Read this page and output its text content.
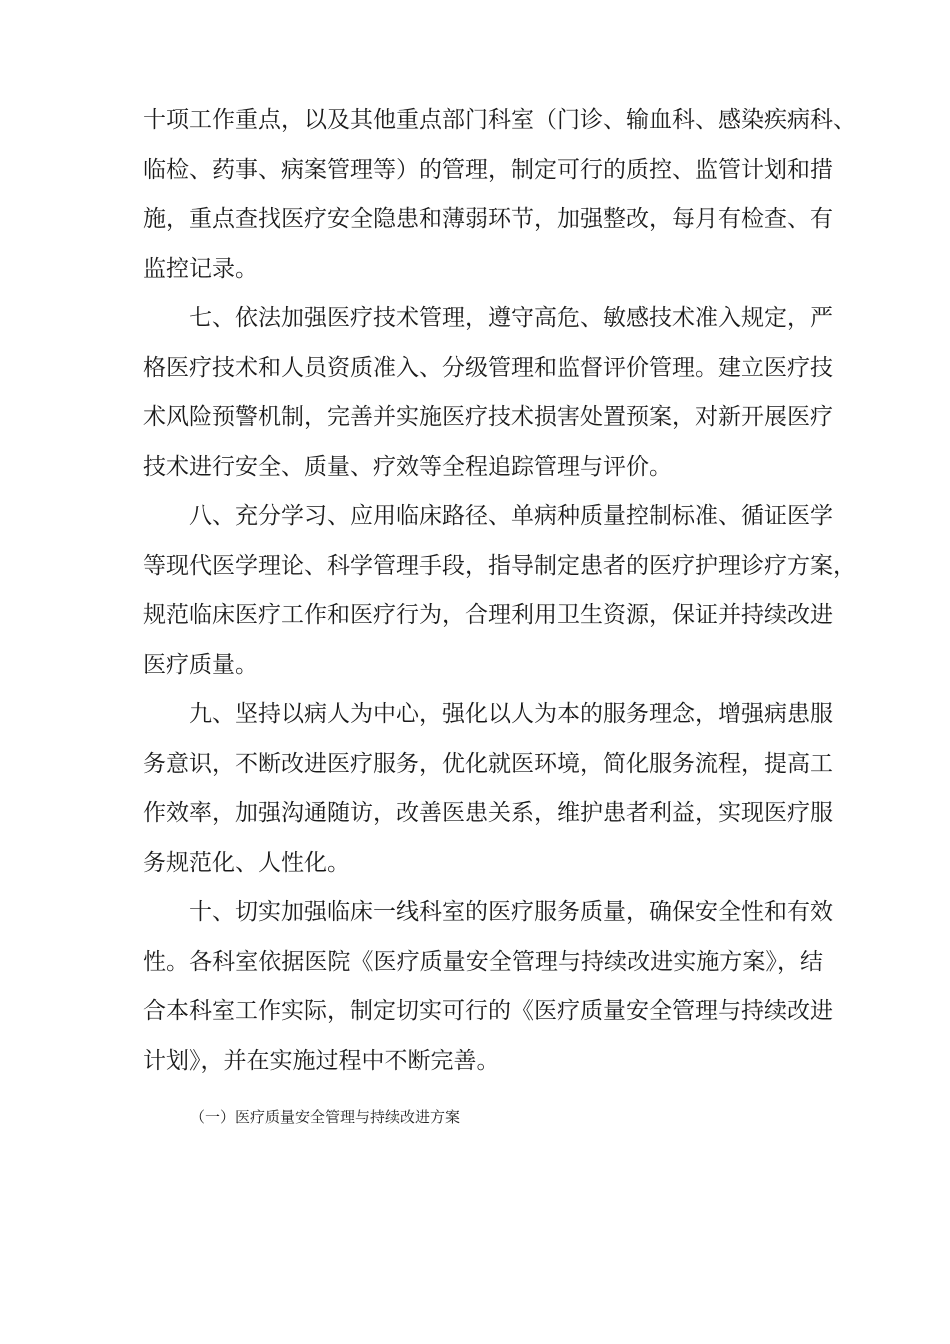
十项工作重点，以及其他重点部门科室（门诊、输血科、感染疾病科、
临检、药事、病案管理等）的管理，制定可行的质控、监管计划和措
施，重点查找医疗安全隐患和薄弱环节，加强整改，每月有检查、有
监控记录。

七、依法加强医疗技术管理，遵守高危、敏感技术准入规定，严
格医疗技术和人员资质准入、分级管理和监督评价管理。建立医疗技
术风险预警机制，完善并实施医疗技术损害处置预案，对新开展医疗
技术进行安全、质量、疗效等全程追踪管理与评价。

八、充分学习、应用临床路径、单病种质量控制标准、循证医学
等现代医学理论、科学管理手段，指导制定患者的医疗护理诊疗方案，
规范临床医疗工作和医疗行为，合理利用卫生资源，保证并持续改进
医疗质量。

九、坚持以病人为中心，强化以人为本的服务理念，增强病患服
务意识，不断改进医疗服务，优化就医环境，简化服务流程，提高工
作效率，加强沟通随访，改善医患关系，维护患者利益，实现医疗服
务规范化、人性化。

十、切实加强临床一线科室的医疗服务质量，确保安全性和有效
性。各科室依据医院《医疗质量安全管理与持续改进实施方案》，结
合本科室工作实际，制定切实可行的《医疗质量安全管理与持续改进
计划》，并在实施过程中不断完善。

（一）医疗质量安全管理与持续改进方案
